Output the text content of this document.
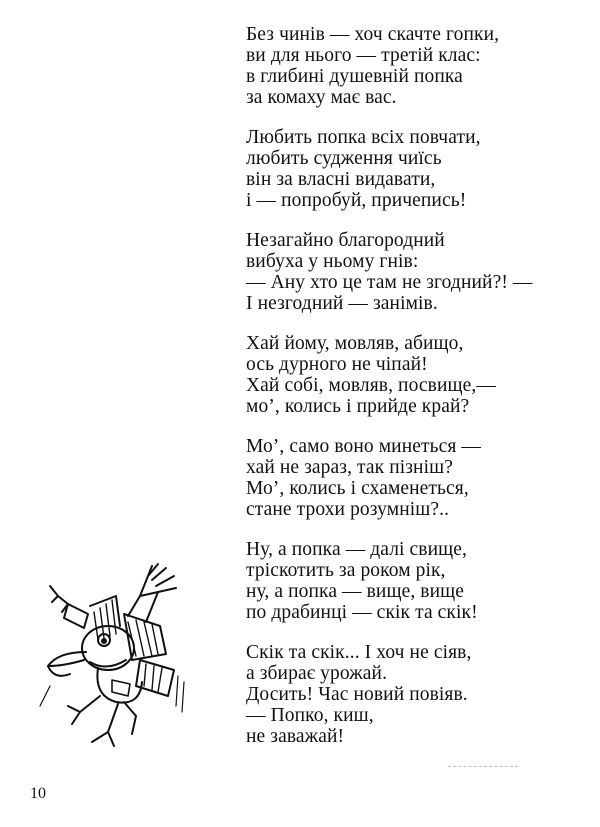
Без чинів — хоч скачте гопки,
ви для нього — третій клас:
в глибині душевній попка
за комаху має вас.
Любить попка всіх повчати,
любить судження чиїсь
він за власні видавати,
і — попробуй, причепись!
Незагайно благородний
вибуха у ньому гнів:
— Ану хто це там не згодний?! —
І незгодний — занімів.
Хай йому, мовляв, абищо,
ось дурного не чіпай!
Хай собі, мовляв, посвище,—
мо’, колись і прийде край?
Мо’, само воно минеться —
хай не зараз, так пізніш?
Мо’, колись і схаменеться,
стане трохи розумніш?..
Ну, а попка — далі свище,
тріскотить за роком рік,
ну, а попка — вище, вище
по драбинці — скік та скік!
Скік та скік... І хоч не сіяв,
а збирає урожай.
Досить! Час новий повіяв.
— Попко, киш,
не заважай!
10
